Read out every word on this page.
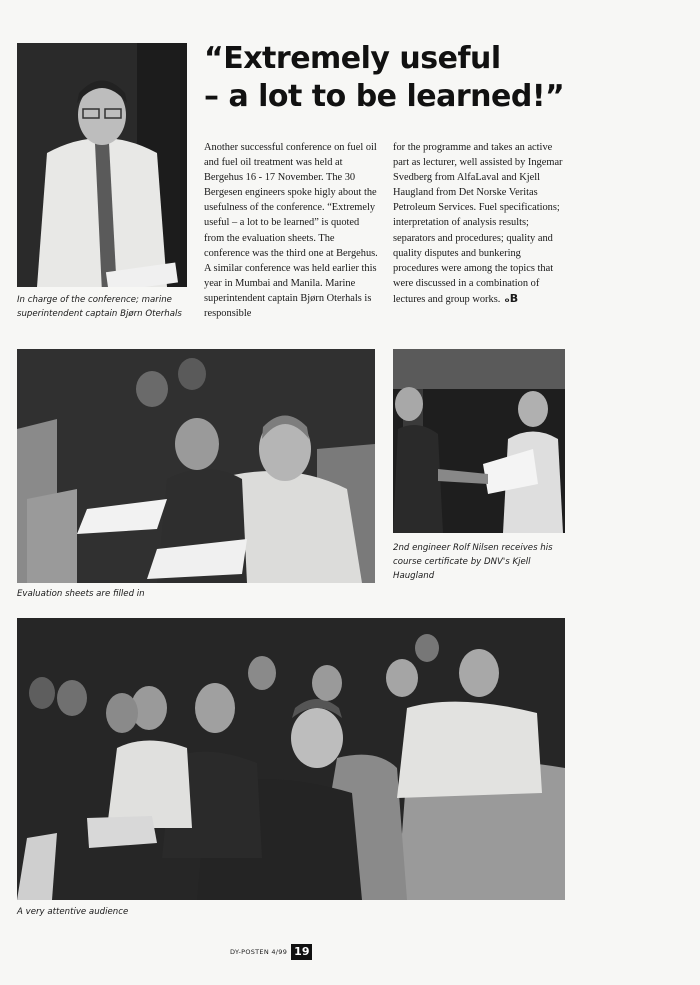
In charge of the conference; marine superintendent captain Bjørn Oterhals
“Extremely useful
– a lot to be learned!”

Another successful conference on fuel oil and fuel oil treatment was held at Bergehus 16 - 17 November. The 30 Bergesen engineers spoke higly about the usefulness of the conference. “Extremely useful – a lot to be learned” is quoted from the evaluation sheets. The conference was the third one at Bergehus. A similar conference was held earlier this year in Mumbai and Manila. Marine superintendent captain Bjørn Oterhals is responsible

for the programme and takes an active part as lecturer, well assisted by Ingemar Svedberg from AlfaLaval and Kjell Haugland from Det Norske Veritas Petroleum Services. Fuel specifications; interpretation of analysis results; separators and procedures; quality and quality disputes and bunkering procedures were among the topics that were discussed in a combination of lectures and group works. ₒB

Evaluation sheets are filled in
2nd engineer Rolf Nilsen receives his course certificate by DNV's Kjell Haugland
A very attentive audience
DY-POSTEN 4/99 19
